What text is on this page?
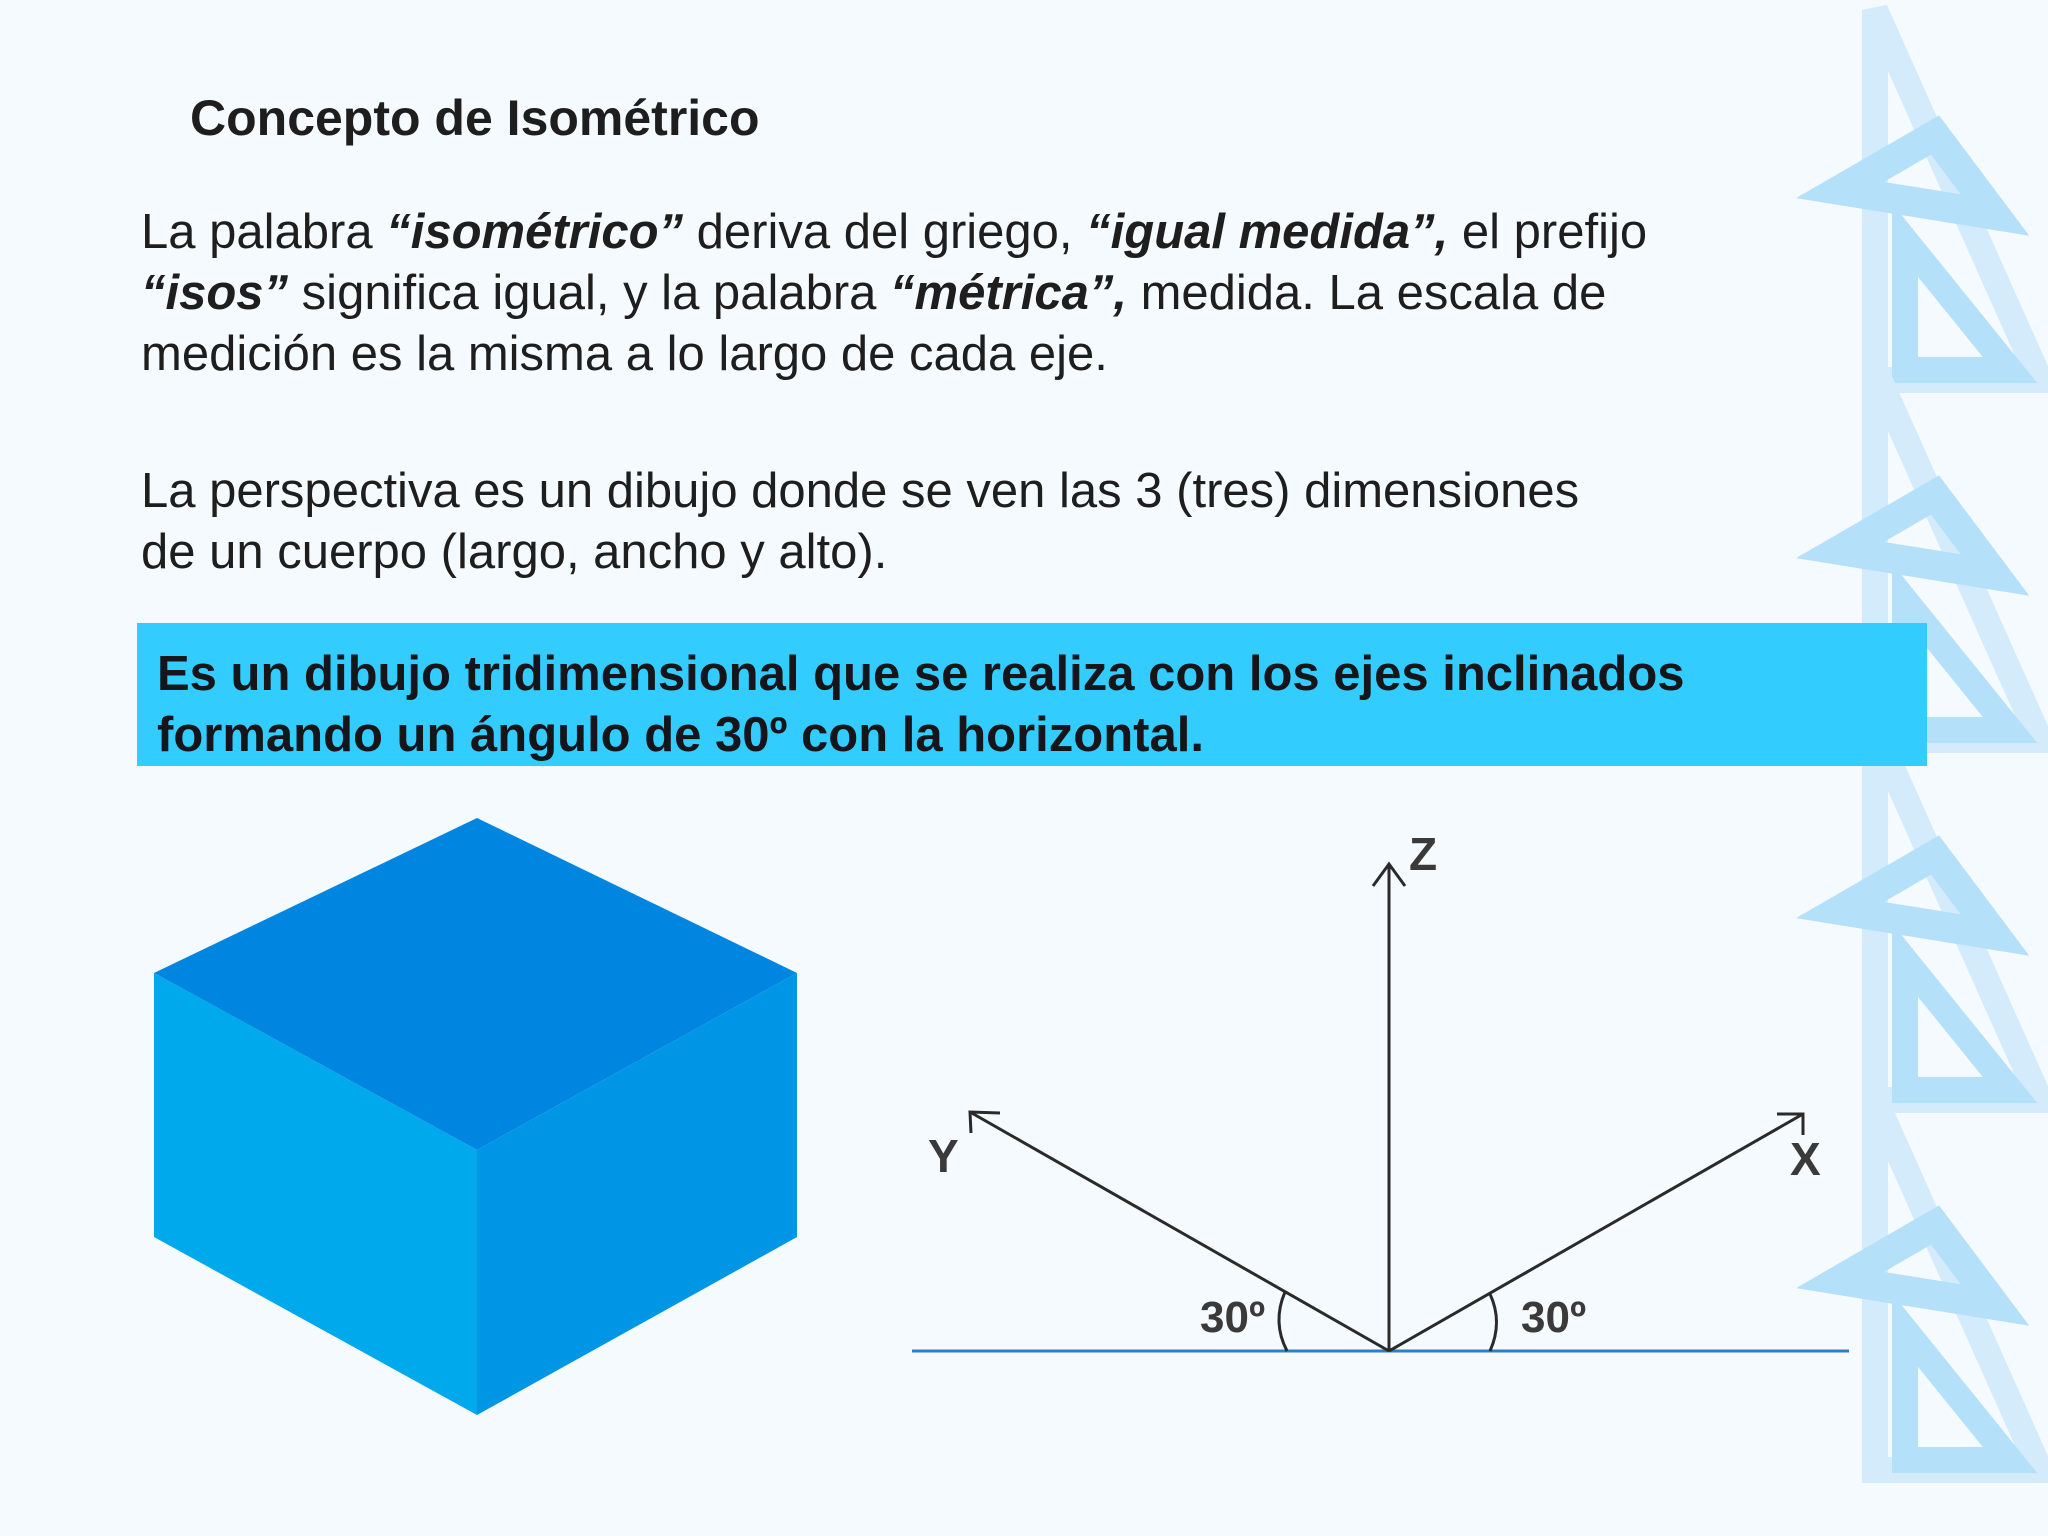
Concepto de Isométrico
La palabra “isométrico” deriva del griego, “igual medida”, el prefijo
“isos” significa igual, y la palabra “métrica”, medida. La escala de
medición es la misma a lo largo de cada eje.
La perspectiva es un dibujo donde se ven las 3 (tres) dimensiones
de un cuerpo (largo, ancho y alto).
Es un dibujo tridimensional que se realiza con los ejes inclinados
formando un ángulo de 30º con la horizontal.
Z
Y	X
30º	30º
